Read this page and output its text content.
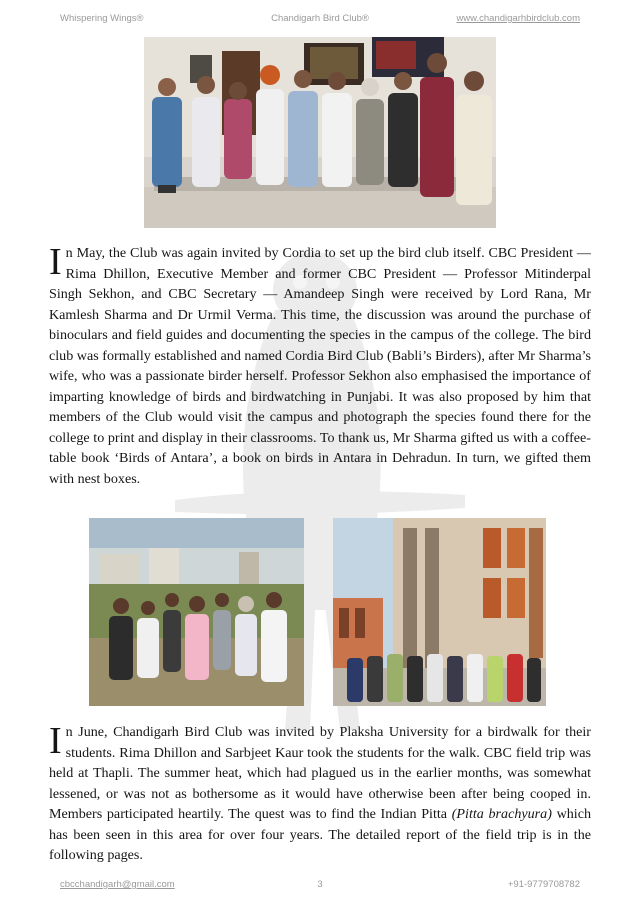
Whispering Wings®	Chandigarh Bird Club®	www.chandigarhbirdclub.com

In May, the Club was again invited by Cordia to set up the bird club itself. CBC President — Rima Dhillon, Executive Member and former CBC President — Professor Mitinderpal Singh Sekhon, and CBC Secretary — Amandeep Singh were received by Lord Rana, Mr Kamlesh Sharma and Dr Urmil Verma. This time, the discussion was around the purchase of binoculars and field guides and documenting the species in the campus of the college. The bird club was formally established and named Cordia Bird Club (Babli’s Birders), after Mr Sharma’s wife, who was a passionate birder herself. Professor Sekhon also emphasised the importance of imparting knowledge of birds and birdwatching in Punjabi. It was also proposed by him that members of the Club would visit the campus and photograph the species found there for the college to print and display in their classrooms. To thank us, Mr Sharma gifted us with a coffee-table book ‘Birds of Antara’, a book on birds in Antara in Dehradun. In turn, we gifted them with nest boxes.

In June, Chandigarh Bird Club was invited by Plaksha University for a birdwalk for their students. Rima Dhillon and Sarbjeet Kaur took the students for the walk. CBC field trip was held at Thapli. The summer heat, which had plagued us in the earlier months, was somewhat lessened, or was not as bothersome as it would have otherwise been after being cooped in. Members participated heartily. The quest was to find the Indian Pitta (Pitta brachyura) which has been seen in this area for over four years. The detailed report of the field trip is in the following pages.

cbcchandigarh@gmail.com	3	+91-9779708782
